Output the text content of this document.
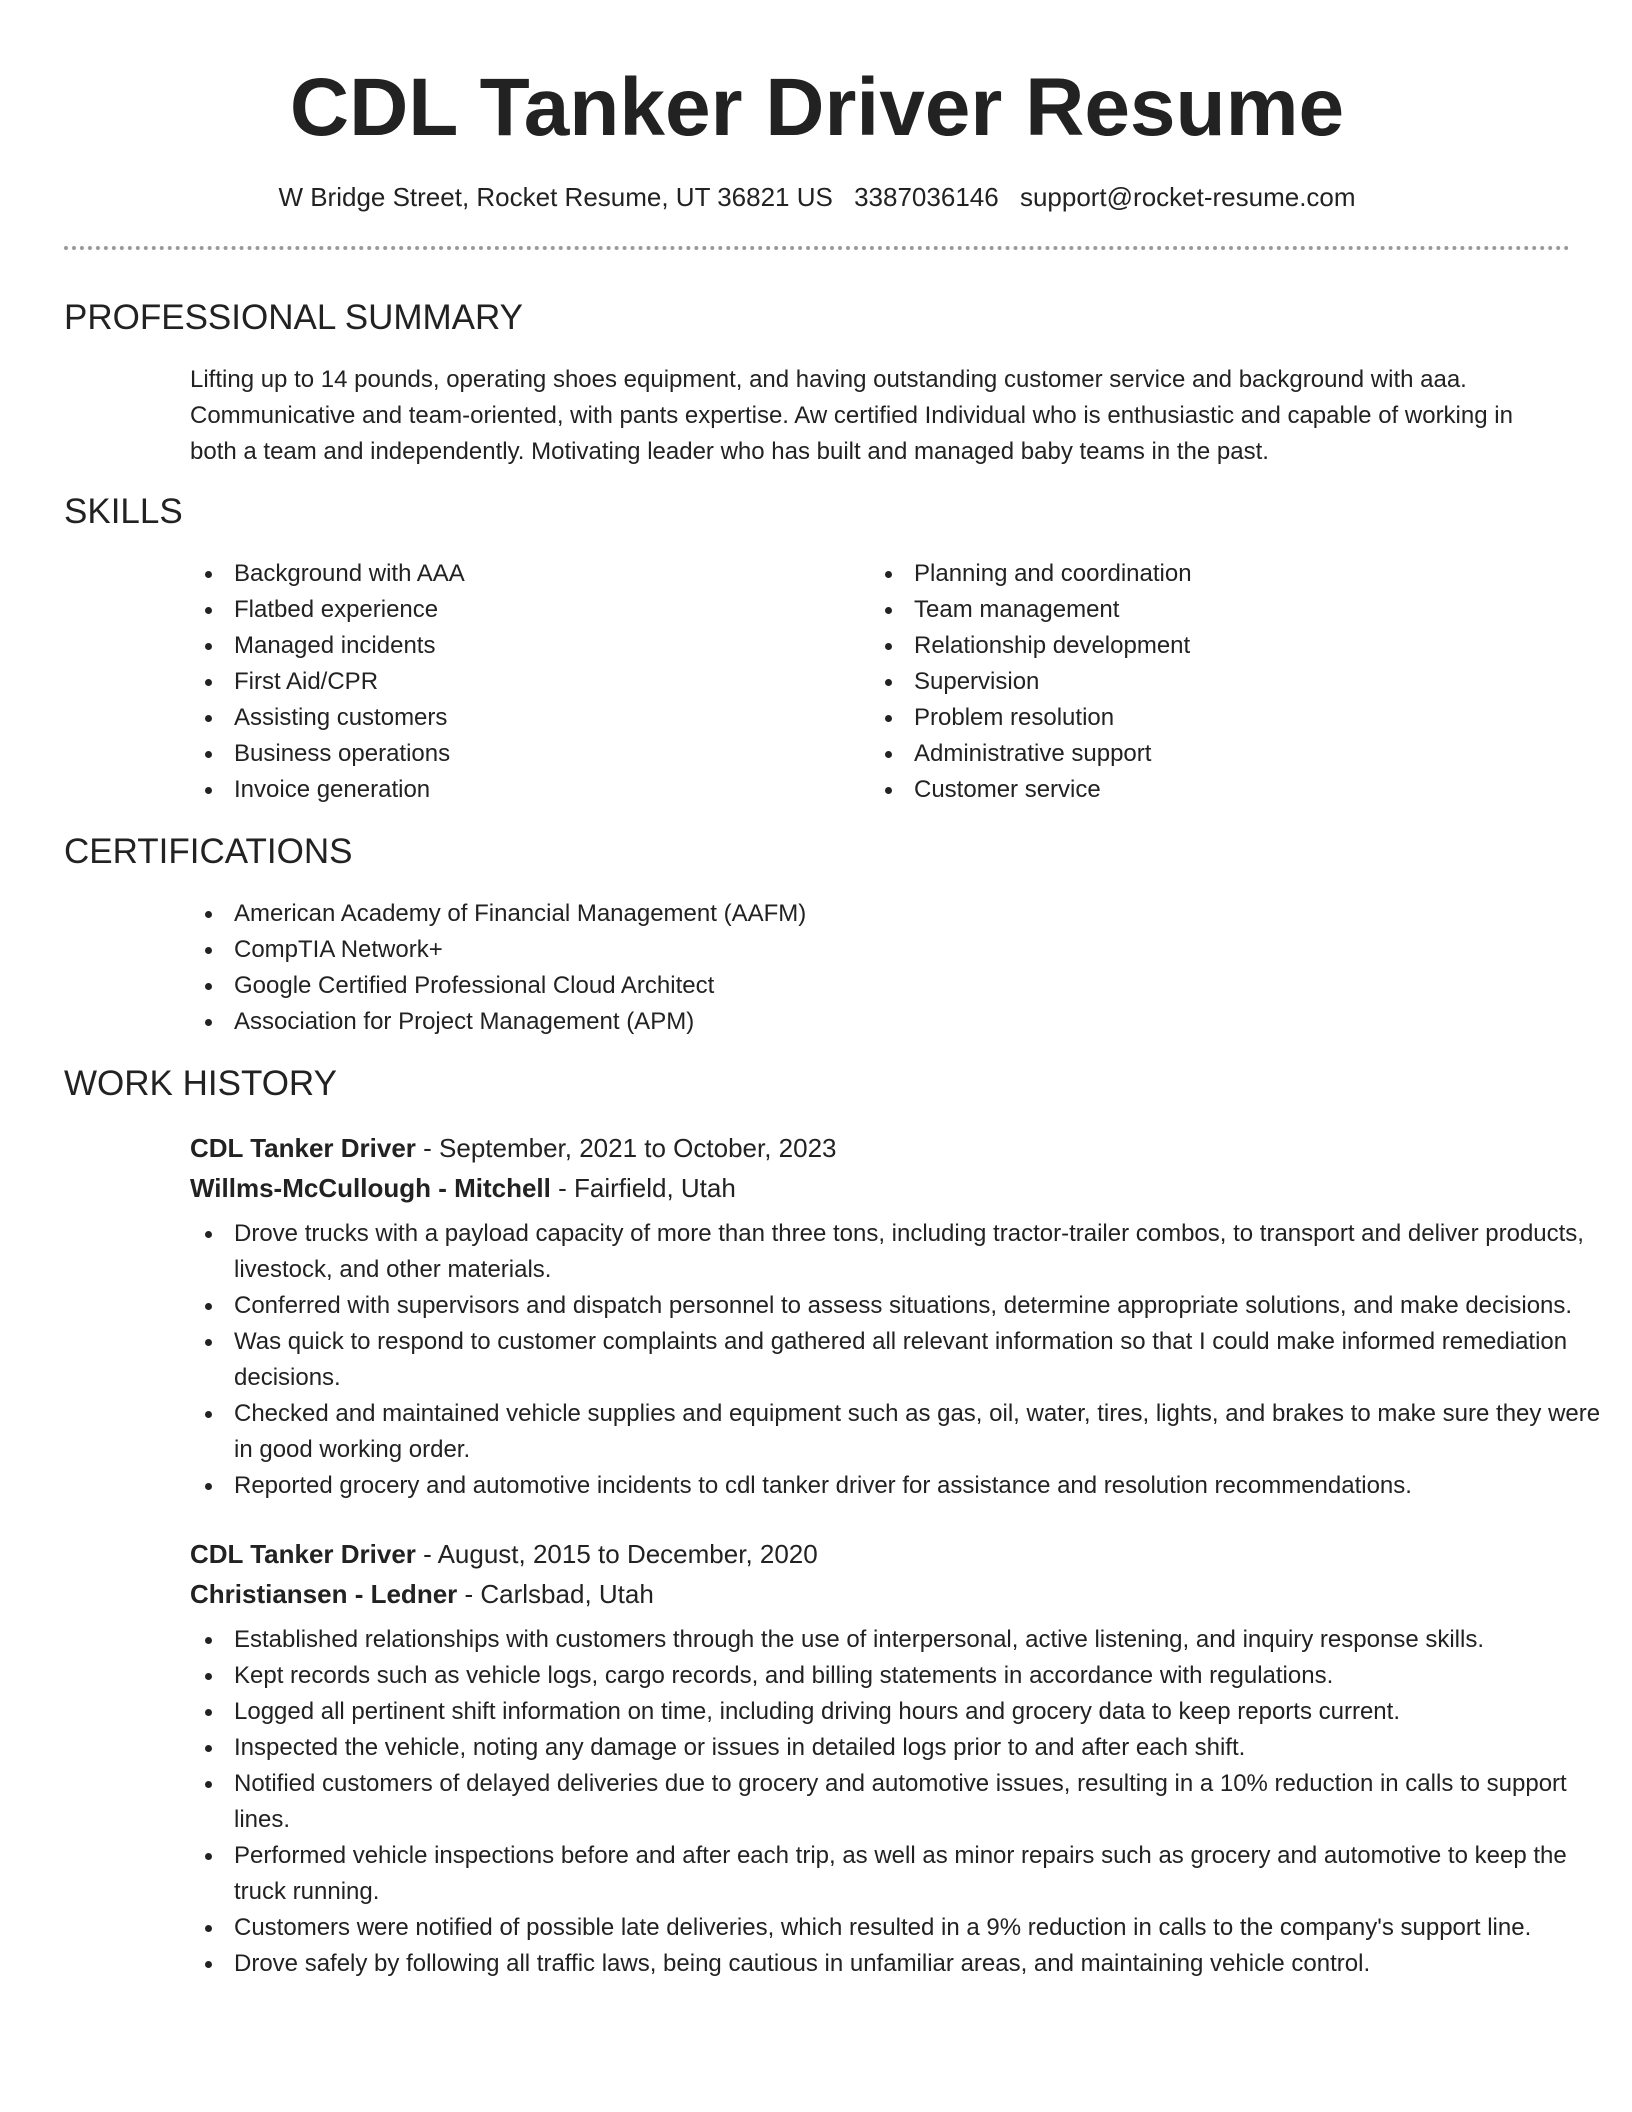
CDL Tanker Driver Resume
W Bridge Street, Rocket Resume, UT 36821 US 3387036146 support@rocket-resume.com
PROFESSIONAL SUMMARY

Lifting up to 14 pounds, operating shoes equipment, and having outstanding customer service and background with aaa. Communicative and team-oriented, with pants expertise. Aw certified Individual who is enthusiastic and capable of working in both a team and independently. Motivating leader who has built and managed baby teams in the past.

SKILLS
Background with AAA
Flatbed experience
Managed incidents
First Aid/CPR
Assisting customers
Business operations
Invoice generation
Planning and coordination
Team management
Relationship development
Supervision
Problem resolution
Administrative support
Customer service
CERTIFICATIONS
American Academy of Financial Management (AAFM)
CompTIA Network+
Google Certified Professional Cloud Architect
Association for Project Management (APM)
WORK HISTORY
CDL Tanker Driver - September, 2021 to October, 2023
Willms-McCullough - Mitchell - Fairfield, Utah
Drove trucks with a payload capacity of more than three tons, including tractor-trailer combos, to transport and deliver products, livestock, and other materials.
Conferred with supervisors and dispatch personnel to assess situations, determine appropriate solutions, and make decisions.
Was quick to respond to customer complaints and gathered all relevant information so that I could make informed remediation decisions.
Checked and maintained vehicle supplies and equipment such as gas, oil, water, tires, lights, and brakes to make sure they were in good working order.
Reported grocery and automotive incidents to cdl tanker driver for assistance and resolution recommendations.
CDL Tanker Driver - August, 2015 to December, 2020
Christiansen - Ledner - Carlsbad, Utah
Established relationships with customers through the use of interpersonal, active listening, and inquiry response skills.
Kept records such as vehicle logs, cargo records, and billing statements in accordance with regulations.
Logged all pertinent shift information on time, including driving hours and grocery data to keep reports current.
Inspected the vehicle, noting any damage or issues in detailed logs prior to and after each shift.
Notified customers of delayed deliveries due to grocery and automotive issues, resulting in a 10% reduction in calls to support lines.
Performed vehicle inspections before and after each trip, as well as minor repairs such as grocery and automotive to keep the truck running.
Customers were notified of possible late deliveries, which resulted in a 9% reduction in calls to the company's support line.
Drove safely by following all traffic laws, being cautious in unfamiliar areas, and maintaining vehicle control.
